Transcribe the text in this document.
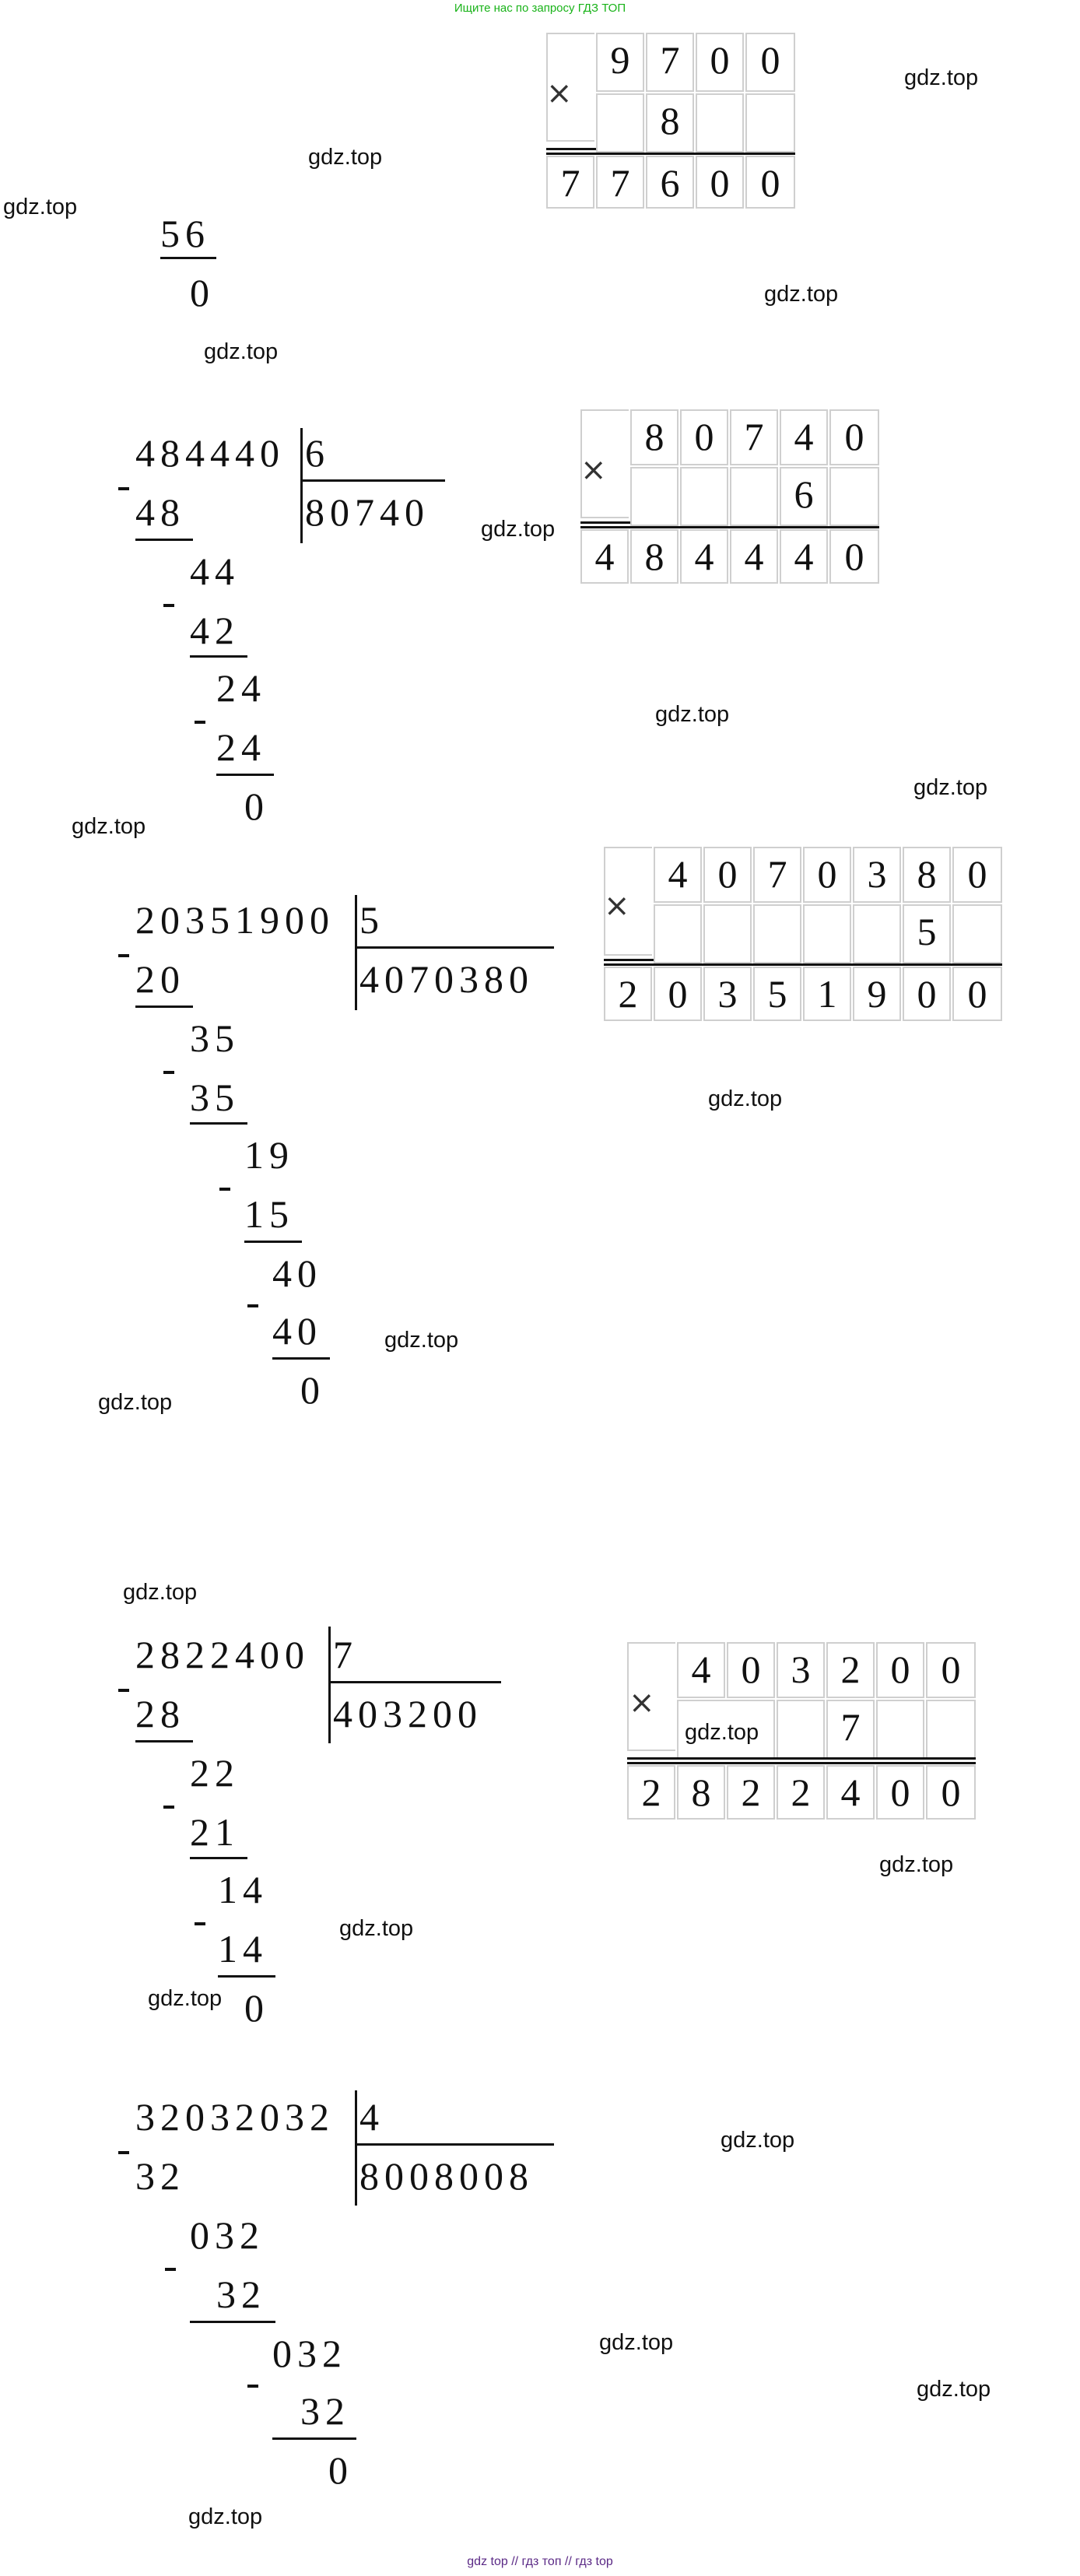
Ищите нас по запросу ГДЗ ТОП
×
9 7 0 0
8
7 7 6 0 0
gdz.top
gdz.top
gdz.top
56
0	gdz.top
gdz.top
484440 6
80740
48
44
42
24
24
0
gdz.top
×
8 0 7 4 0
6
4 8 4 4 4 0
gdz.top
gdz.top
gdz.top
20351900 5
4070380
20
35
35
19
15
40
40
0
×
4 0 7 0 3 8 0
5
2 0 3 5 1 9 0 0
gdz.top
gdz.top
gdz.top
gdz.top
2822400 7
403200
28
22
21
14
14
0
gdz.top
gdz.top
×
4 0 3 2 0 0
7
gdz.top
2 8 2 2 4 0 0
gdz.top
32032032 4
8008008
32
032
32
032
32
0
gdz.top
gdz.top
gdz.top
gdz.top
gdz top // гдз топ // гдз top
